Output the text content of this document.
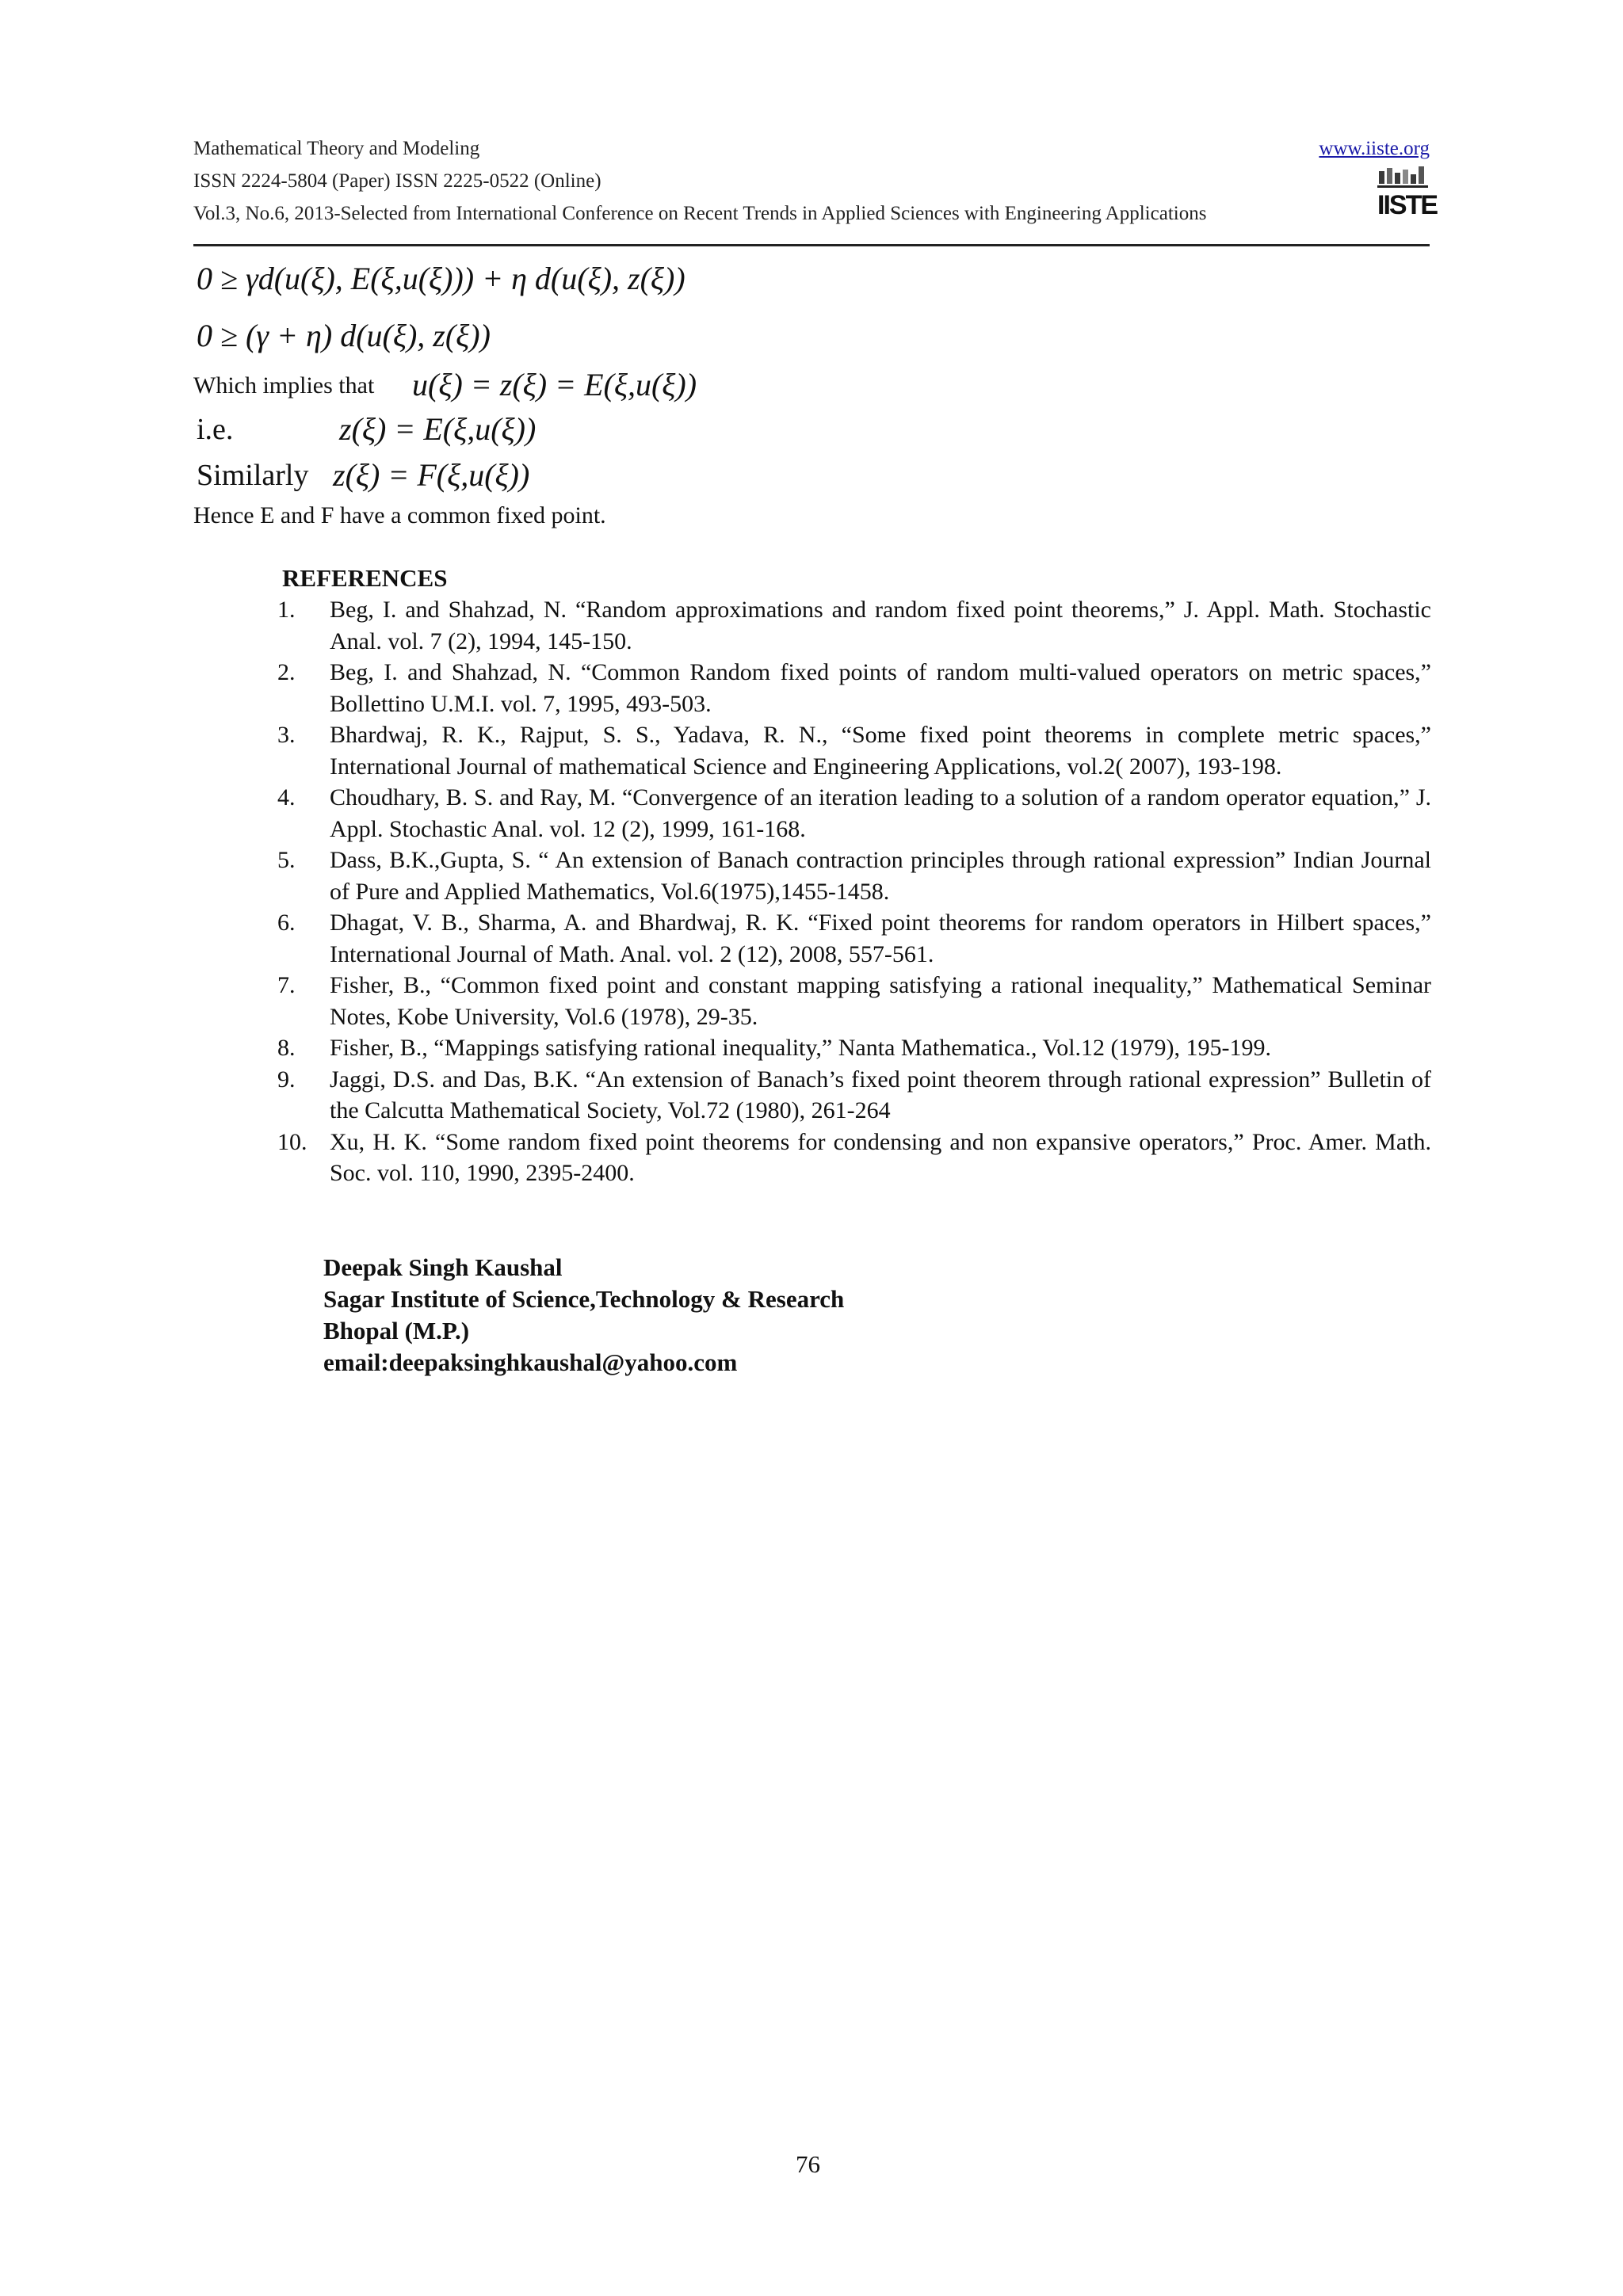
Mathematical Theory and Modeling	www.iiste.org
ISSN 2224-5804 (Paper) ISSN 2225-0522 (Online)
Vol.3, No.6, 2013-Selected from International Conference on Recent Trends in Applied Sciences with Engineering Applications	IISTE
0 ≥ γd(u(ξ), E(ξ,u(ξ))) + η d(u(ξ), z(ξ))
0 ≥ (γ + η) d(u(ξ), z(ξ))
Which implies that u(ξ) = z(ξ) = E(ξ,u(ξ))
i.e.	z(ξ) = E(ξ,u(ξ))
Similarly z(ξ) = F(ξ,u(ξ))
Hence E and F have a common fixed point.
REFERENCES
1. Beg, I. and Shahzad, N. “Random approximations and random fixed point theorems,” J. Appl. Math. Stochastic Anal. vol. 7 (2), 1994, 145-150.
2. Beg, I. and Shahzad, N. “Common Random fixed points of random multi-valued operators on metric spaces,” Bollettino U.M.I. vol. 7, 1995, 493-503.
3. Bhardwaj, R. K., Rajput, S. S., Yadava, R. N., “Some fixed point theorems in complete metric spaces,” International Journal of mathematical Science and Engineering Applications, vol.2( 2007), 193-198.
4. Choudhary, B. S. and Ray, M. “Convergence of an iteration leading to a solution of a random operator equation,” J. Appl. Stochastic Anal. vol. 12 (2), 1999, 161-168.
5. Dass, B.K.,Gupta, S. “ An extension of Banach contraction principles through rational expression” Indian Journal of Pure and Applied Mathematics, Vol.6(1975),1455-1458.
6. Dhagat, V. B., Sharma, A. and Bhardwaj, R. K. “Fixed point theorems for random operators in Hilbert spaces,” International Journal of Math. Anal. vol. 2 (12), 2008, 557-561.
7. Fisher, B., “Common fixed point and constant mapping satisfying a rational inequality,” Mathematical Seminar Notes, Kobe University, Vol.6 (1978), 29-35.
8. Fisher, B., “Mappings satisfying rational inequality,” Nanta Mathematica., Vol.12 (1979), 195-199.
9. Jaggi, D.S. and Das, B.K. “An extension of Banach’s fixed point theorem through rational expression” Bulletin of the Calcutta Mathematical Society, Vol.72 (1980), 261-264
10. Xu, H. K. “Some random fixed point theorems for condensing and non expansive operators,” Proc. Amer. Math. Soc. vol. 110, 1990, 2395-2400.
Deepak Singh Kaushal
Sagar Institute of Science,Technology & Research
Bhopal (M.P.)
email:deepaksinghkaushal@yahoo.com
76
